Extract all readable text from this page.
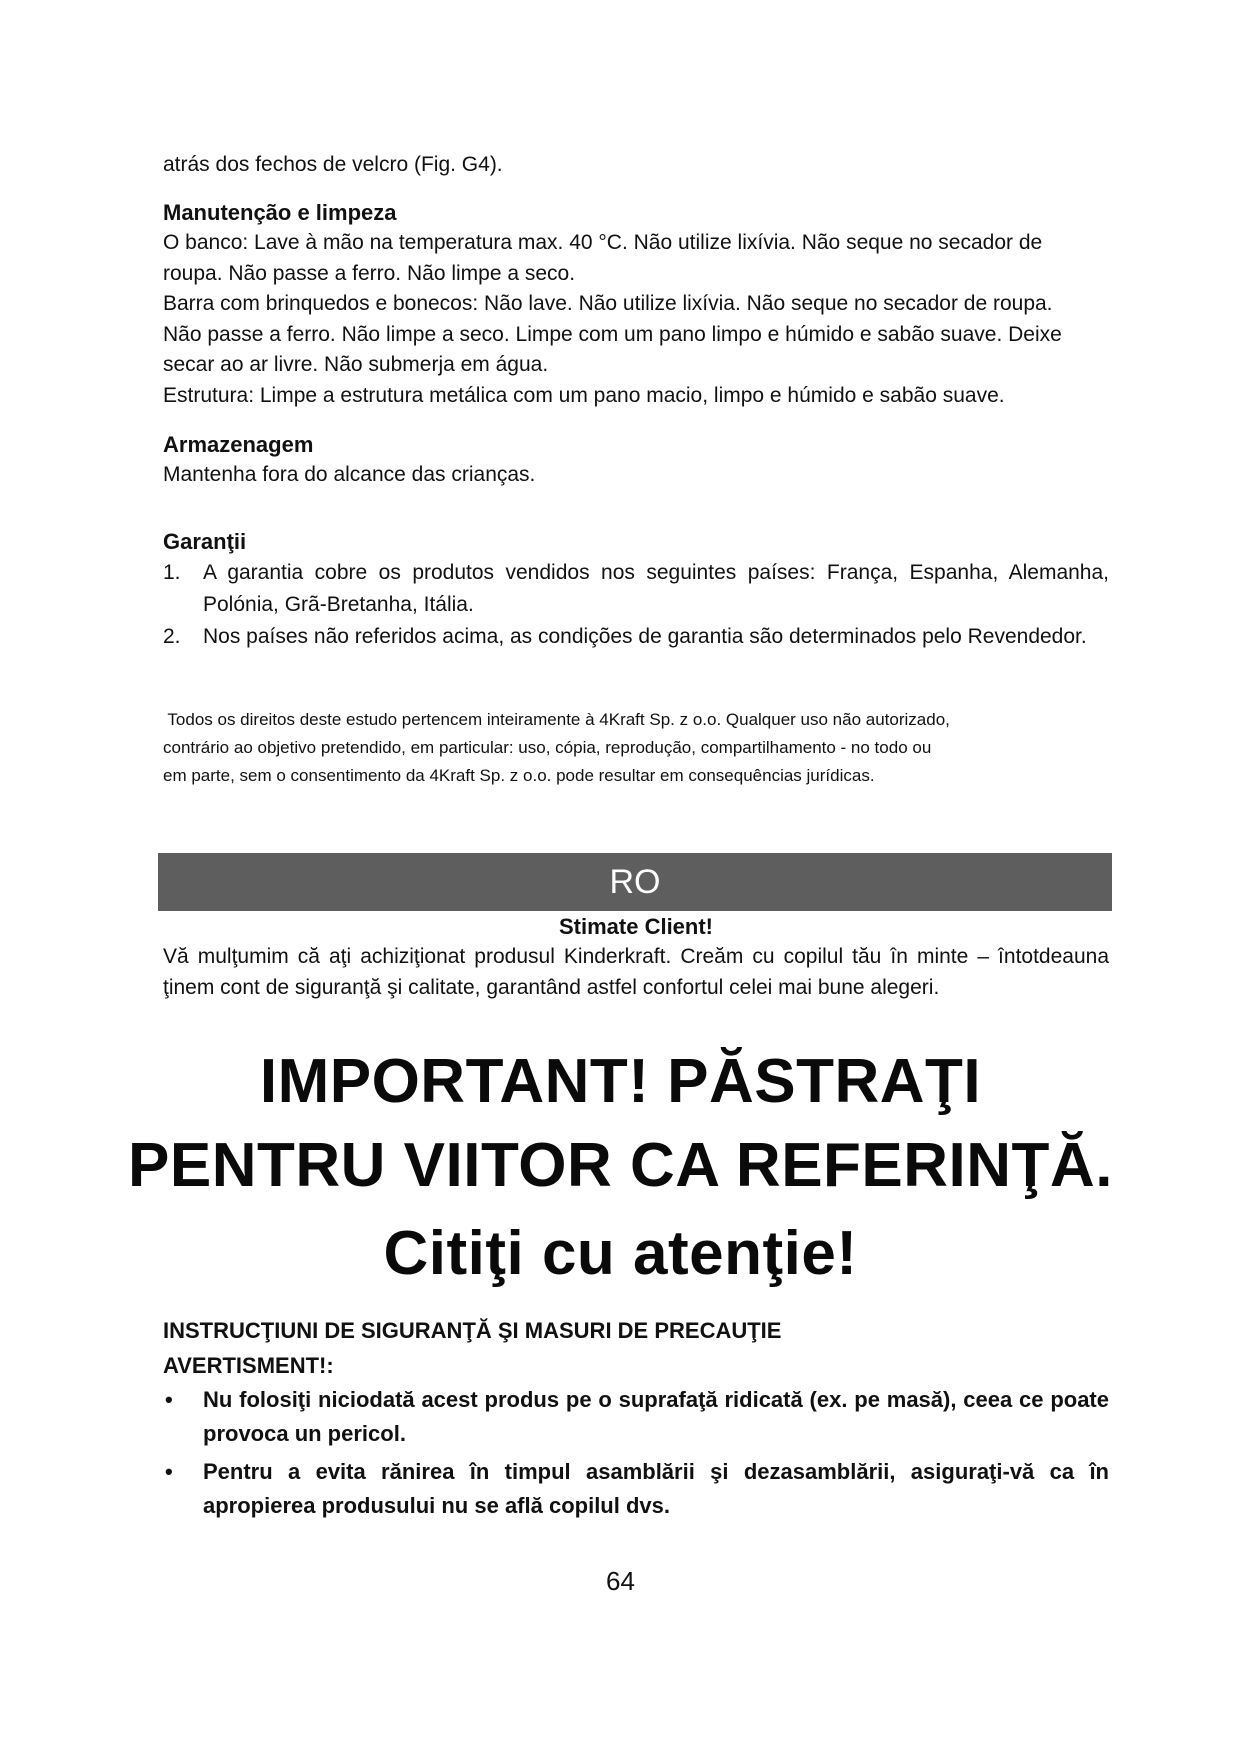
atrás dos fechos de velcro (Fig. G4).

Manutenção e limpeza

O banco: Lave à mão na temperatura max. 40 °C. Não utilize lixívia. Não seque no secador de

roupa. Não passe a ferro. Não limpe a seco.

Barra com brinquedos e bonecos: Não lave. Não utilize lixívia. Não seque no secador de roupa.

Não passe a ferro. Não limpe a seco. Limpe com um pano limpo e húmido e sabão suave. Deixe

secar ao ar livre. Não submerja em água.

Estrutura: Limpe a estrutura metálica com um pano macio, limpo e húmido e sabão suave.

Armazenagem

Mantenha fora do alcance das crianças.

Garanţii
1. A garantia cobre os produtos vendidos nos seguintes países: França, Espanha, Alemanha, Polónia, Grã-Bretanha, Itália.
2. Nos países não referidos acima, as condições de garantia são determinados pelo Revendedor.

Todos os direitos deste estudo pertencem inteiramente à 4Kraft Sp. z o.o. Qualquer uso não autorizado,

contrário ao objetivo pretendido, em particular: uso, cópia, reprodução, compartilhamento - no todo ou

em parte, sem o consentimento da 4Kraft Sp. z o.o. pode resultar em consequências jurídicas.

RO

Stimate Client!

Vă mulţumim că aţi achiziţionat produsul Kinderkraft. Creăm cu copilul tău în minte – întotdeauna ţinem cont de siguranţă şi calitate, garantând astfel confortul celei mai bune alegeri.

IMPORTANT! PĂSTRAŢI
PENTRU VIITOR CA REFERINŢĂ.
Citiţi cu atenţie!

INSTRUCŢIUNI DE SIGURANŢĂ ŞI MASURI DE PRECAUŢIE

AVERTISMENT!:

• Nu folosiţi niciodată acest produs pe o suprafaţă ridicată (ex. pe masă), ceea ce poate provoca un pericol.
• Pentru a evita rănirea în timpul asamblării şi dezasamblării, asiguraţi-vă ca în apropierea produsului nu se află copilul dvs.
64
